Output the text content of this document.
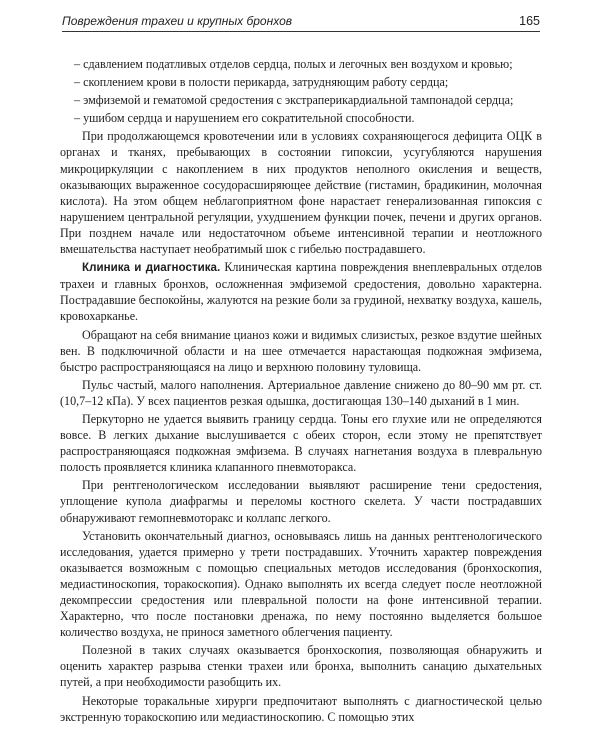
Повреждения трахеи и крупных бронхов	165

– сдавлением податливых отделов сердца, полых и легочных вен воздухом и кровью;

– скоплением крови в полости перикарда, затрудняющим работу сердца;

– эмфиземой и гематомой средостения с экстраперикардиальной тампонадой сердца;

– ушибом сердца и нарушением его сократительной способности.

При продолжающемся кровотечении или в условиях сохраняющегося дефицита ОЦК в органах и тканях, пребывающих в состоянии гипоксии, усугубляются нарушения микроциркуляции с накоплением в них продуктов неполного окисления и веществ, оказывающих выраженное сосудорасширяющее действие (гистамин, брадикинин, молочная кислота). На этом общем неблагоприятном фоне нарастает генерализованная гипоксия с нарушением центральной регуляции, ухудшением функции почек, печени и других органов. При позднем начале или недостаточном объеме интенсивной терапии и неотложного вмешательства наступает необратимый шок с гибелью пострадавшего.

Клиника и диагностика. Клиническая картина повреждения внеплевральных отделов трахеи и главных бронхов, осложненная эмфиземой средостения, довольно характерна. Пострадавшие беспокойны, жалуются на резкие боли за грудиной, нехватку воздуха, кашель, кровохарканье.

Обращают на себя внимание цианоз кожи и видимых слизистых, резкое вздутие шейных вен. В подключичной области и на шее отмечается нарастающая подкожная эмфизема, быстро распространяющаяся на лицо и верхнюю половину туловища.

Пульс частый, малого наполнения. Артериальное давление снижено до 80–90 мм рт. ст. (10,7–12 кПа). У всех пациентов резкая одышка, достигающая 130–140 дыханий в 1 мин.

Перкуторно не удается выявить границу сердца. Тоны его глухие или не определяются вовсе. В легких дыхание выслушивается с обеих сторон, если этому не препятствует распространяющаяся подкожная эмфизема. В случаях нагнетания воздуха в плевральную полость проявляется клиника клапанного пневмоторакса.

При рентгенологическом исследовании выявляют расширение тени средостения, уплощение купола диафрагмы и переломы костного скелета. У части пострадавших обнаруживают гемопневмоторакс и коллапс легкого.

Установить окончательный диагноз, основываясь лишь на данных рентгенологического исследования, удается примерно у трети пострадавших. Уточнить характер повреждения оказывается возможным с помощью специальных методов исследования (бронхоскопия, медиастиноскопия, торакоскопия). Однако выполнять их всегда следует после неотложной декомпрессии средостения или плевральной полости на фоне интенсивной терапии. Характерно, что после постановки дренажа, по нему постоянно выделяется большое количество воздуха, не принося заметного облегчения пациенту.

Полезной в таких случаях оказывается бронхоскопия, позволяющая обнаружить и оценить характер разрыва стенки трахеи или бронха, выполнить санацию дыхательных путей, а при необходимости разобщить их.

Некоторые торакальные хирурги предпочитают выполнять с диагностической целью экстренную торакоскопию или медиастиноскопию. С помощью этих
